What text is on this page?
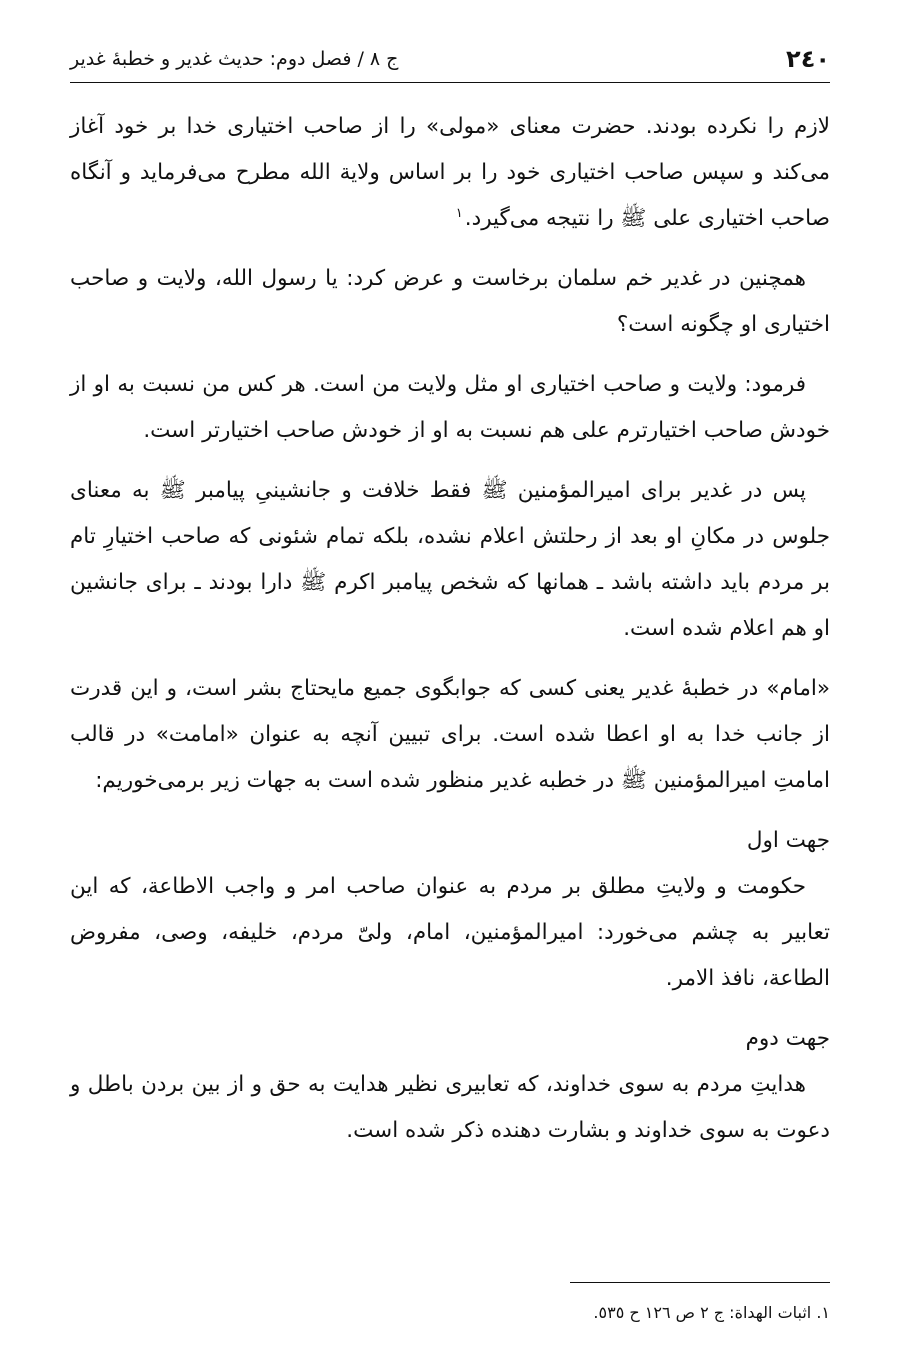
٢٤٠
ج ٨ / فصل دوم: حديث غدير و خطبهٔ غدير

لازم را نكرده بودند. حضرت معناى «مولى» را از صاحب اختيارى خدا بر خود آغاز مى‌كند و سپس صاحب اختيارى خود را بر اساس ولاية الله مطرح مى‌فرمايد و آنگاه صاحب اختيارى على ﷺ را نتيجه مى‌گيرد.$^١$

همچنين در غدير خم سلمان برخاست و عرض كرد: يا رسول الله، ولايت و صاحب اختيارى او چگونه است؟

فرمود: ولايت و صاحب اختيارى او مثل ولايت من است. هر كس من نسبت به او از خودش صاحب اختيارترم على هم نسبت به او از خودش صاحب اختيارتر است.

پس در غدير براى اميرالمؤمنين ﷺ فقط خلافت و جانشينىِ پيامبر ﷺ به معناى جلوس در مكانِ او بعد از رحلتش اعلام نشده، بلكه تمام شئونى كه صاحب اختيارِ تام بر مردم بايد داشته باشد ـ همانها كه شخص پيامبر اكرم ﷺ دارا بودند ـ براى جانشين او هم اعلام شده است.

«امام» در خطبهٔ غدير يعنى كسى كه جوابگوى جميع مايحتاج بشر است، و اين قدرت از جانب خدا به او اعطا شده است. براى تبيين آنچه به عنوان «امامت» در قالب امامتِ اميرالمؤمنين ﷺ در خطبه غدير منظور شده است به جهات زير برمى‌خوريم:

جهت اول

حكومت و ولايتِ مطلق بر مردم به عنوان صاحب امر و واجب الاطاعة، كه اين تعابير به چشم مى‌خورد: اميرالمؤمنين، امام، ولىّ مردم، خليفه، وصى، مفروض الطاعة، نافذ الامر.

جهت دوم

هدايتِ مردم به سوى خداوند، كه تعابيرى نظير هدايت به حق و از بين بردن باطل و دعوت به سوى خداوند و بشارت دهنده ذكر شده است.

١. اثبات الهداة: ج ٢ ص ١٢٦ ح ٥٣٥.
